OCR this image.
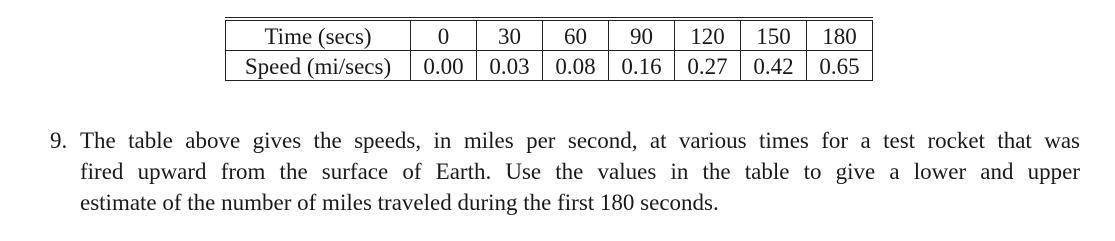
Time (secs)	0	30	60	90	120	150	180
Speed (mi/secs)	0.00	0.03	0.08	0.16	0.27	0.42	0.65
9. The table above gives the speeds, in miles per second, at various times for a test rocket that was
fired upward from the surface of Earth. Use the values in the table to give a lower and upper
estimate of the number of miles traveled during the first 180 seconds.
